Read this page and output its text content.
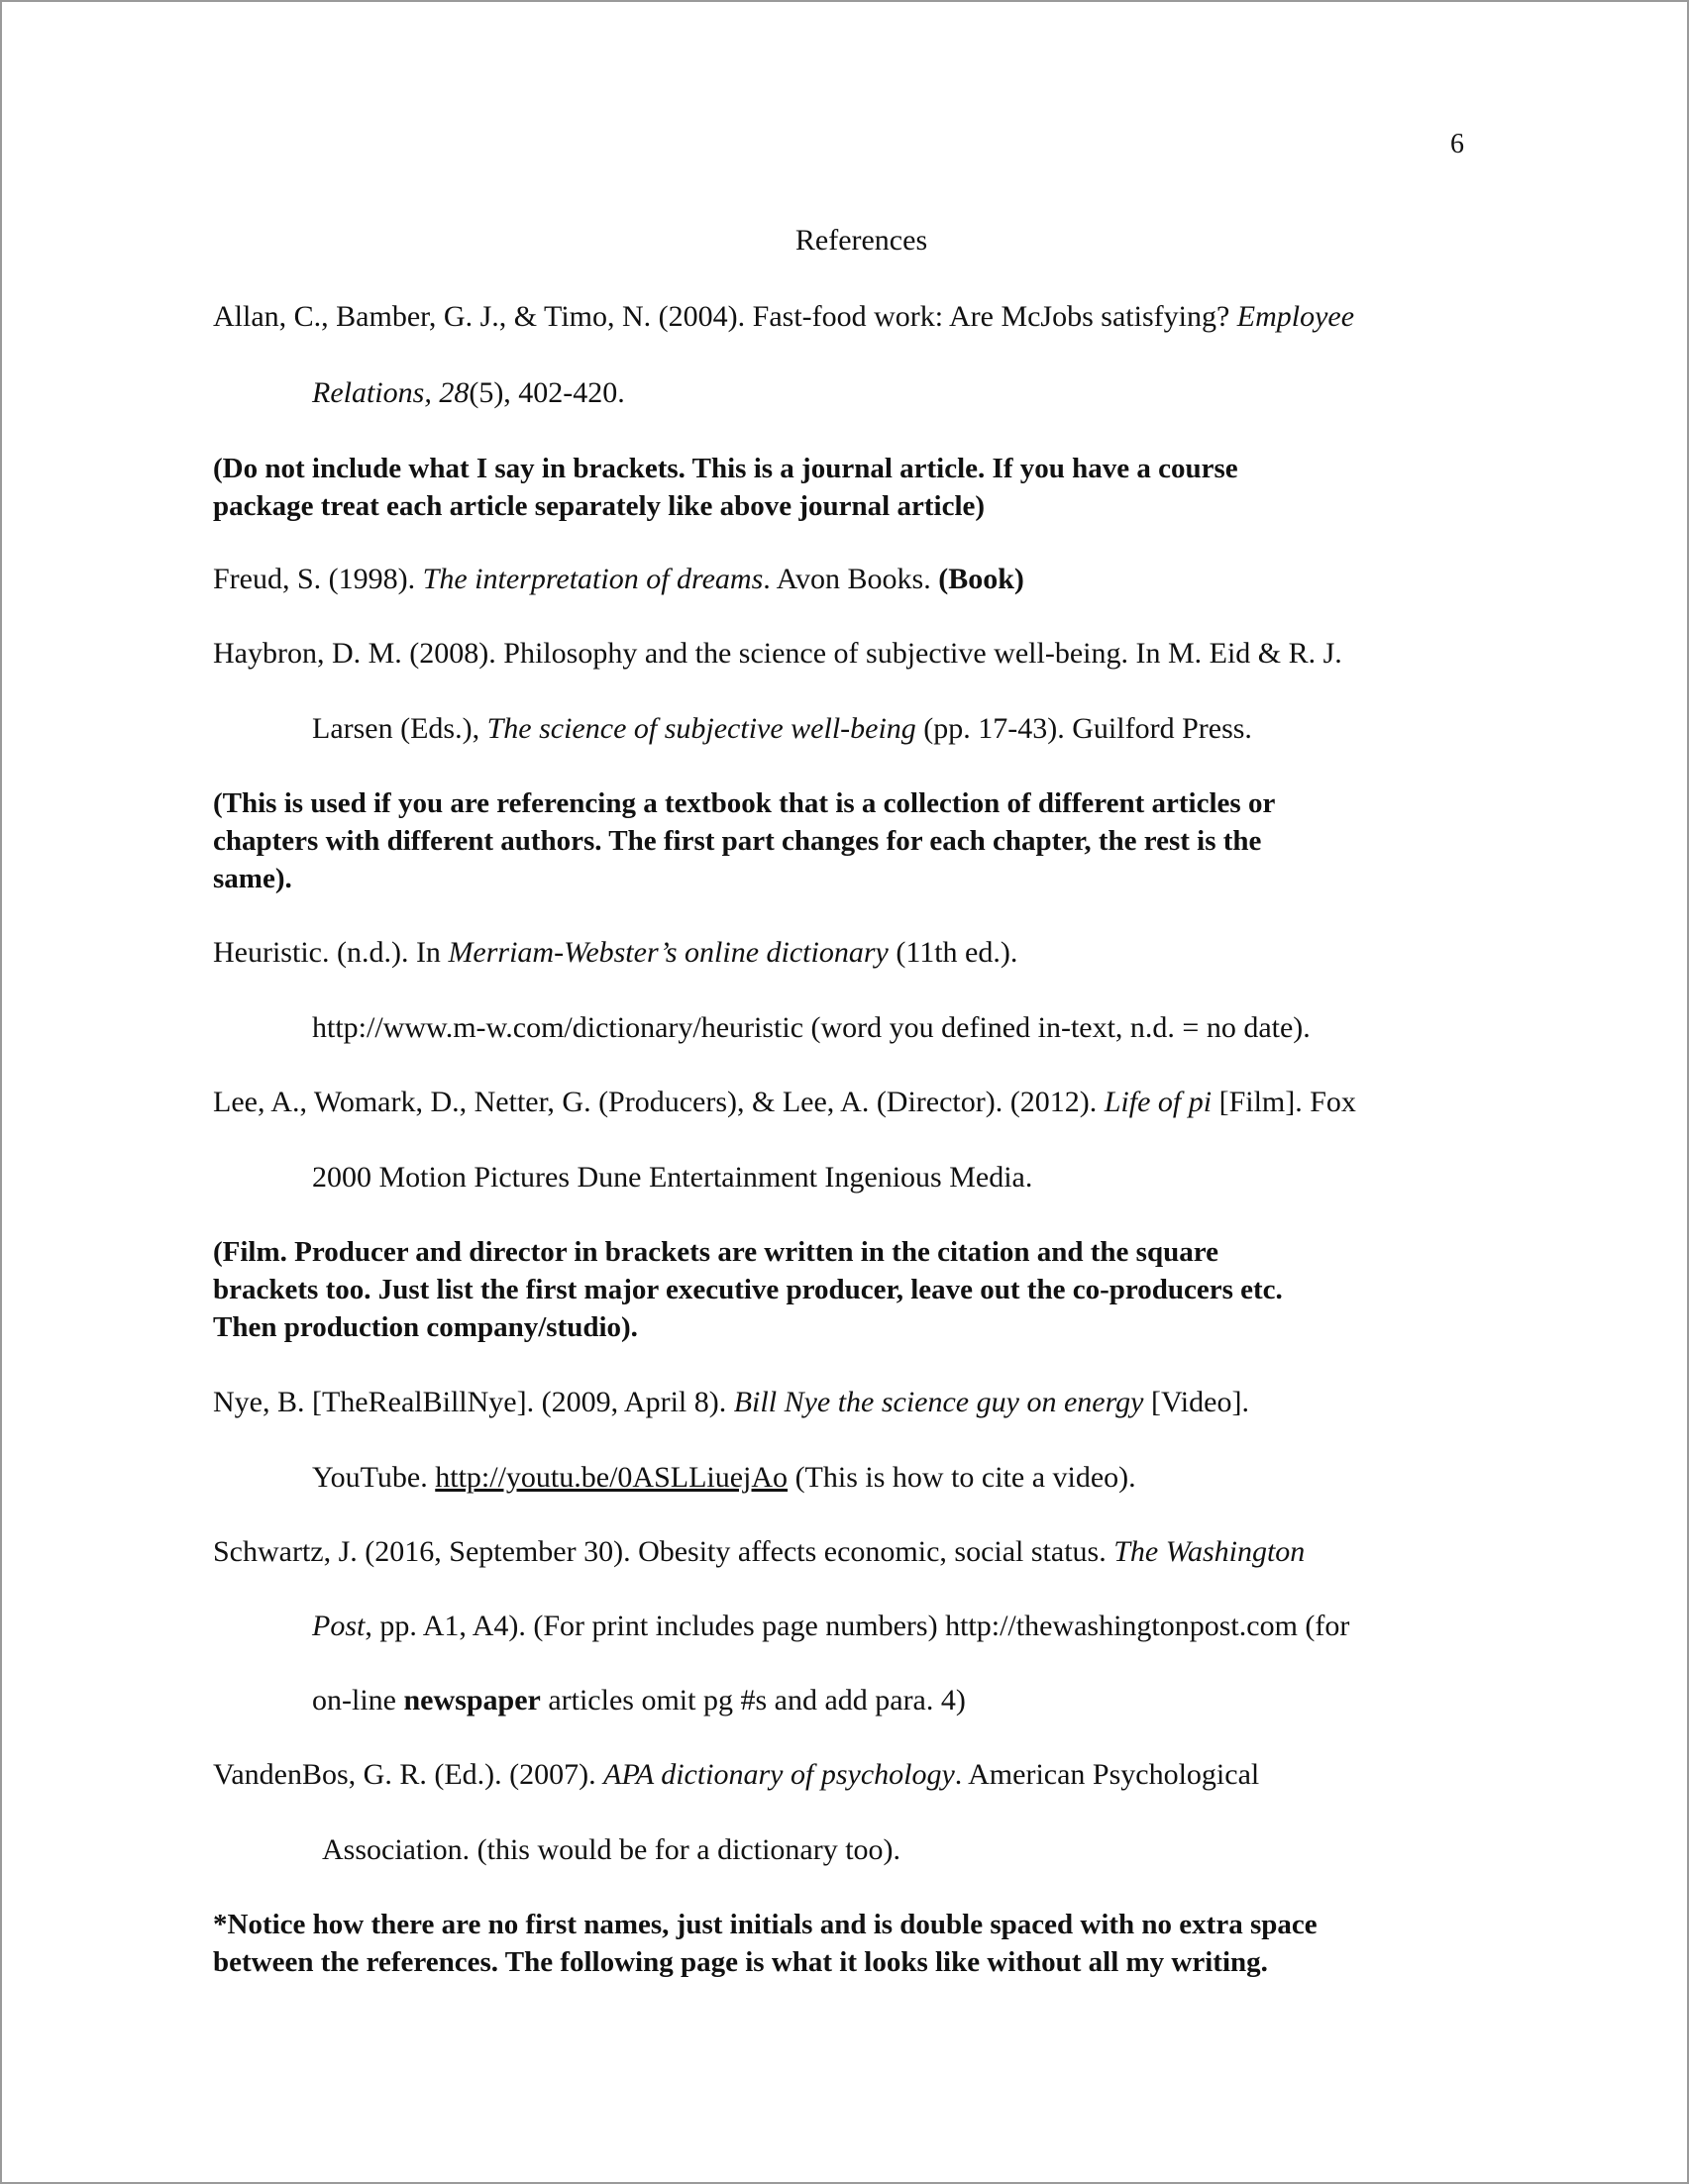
6
References
Allan, C., Bamber, G. J., & Timo, N. (2004). Fast-food work: Are McJobs satisfying? Employee
Relations, 28(5), 402-420.
(Do not include what I say in brackets. This is a journal article. If you have a course
package treat each article separately like above journal article)
Freud, S. (1998). The interpretation of dreams. Avon Books. (Book)
Haybron, D. M. (2008). Philosophy and the science of subjective well-being. In M. Eid & R. J.
Larsen (Eds.), The science of subjective well-being (pp. 17-43). Guilford Press.
(This is used if you are referencing a textbook that is a collection of different articles or
chapters with different authors. The first part changes for each chapter, the rest is the
same).
Heuristic. (n.d.). In Merriam-Webster’s online dictionary (11th ed.).
http://www.m-w.com/dictionary/heuristic (word you defined in-text, n.d. = no date).
Lee, A., Womark, D., Netter, G. (Producers), & Lee, A. (Director). (2012). Life of pi [Film]. Fox
2000 Motion Pictures Dune Entertainment Ingenious Media.
(Film. Producer and director in brackets are written in the citation and the square
brackets too. Just list the first major executive producer, leave out the co-producers etc.
Then production company/studio).
Nye, B. [TheRealBillNye]. (2009, April 8). Bill Nye the science guy on energy [Video].
YouTube. http://youtu.be/0ASLLiuejAo (This is how to cite a video).
Schwartz, J. (2016, September 30). Obesity affects economic, social status. The Washington
Post, pp. A1, A4). (For print includes page numbers) http://thewashingtonpost.com (for
on-line newspaper articles omit pg #s and add para. 4)
VandenBos, G. R. (Ed.). (2007). APA dictionary of psychology. American Psychological
Association. (this would be for a dictionary too).
*Notice how there are no first names, just initials and is double spaced with no extra space
between the references. The following page is what it looks like without all my writing.
